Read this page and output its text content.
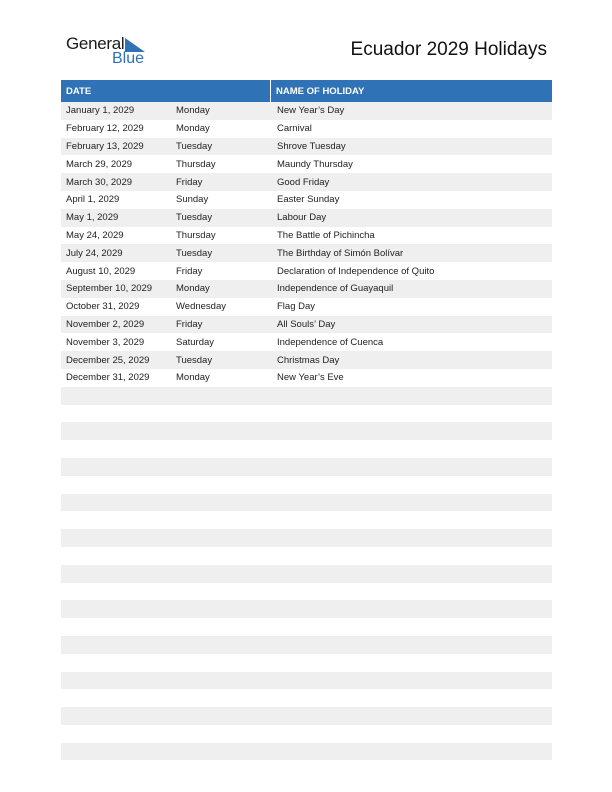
General
Blue	Ecuador 2029 Holidays
DATE	NAME OF HOLIDAY
January 1, 2029	Monday	New Year’s Day
February 12, 2029	Monday	Carnival
February 13, 2029	Tuesday	Shrove Tuesday
March 29, 2029	Thursday	Maundy Thursday
March 30, 2029	Friday	Good Friday
April 1, 2029	Sunday	Easter Sunday
May 1, 2029	Tuesday	Labour Day
May 24, 2029	Thursday	The Battle of Pichincha
July 24, 2029	Tuesday	The Birthday of Simón Bolívar
August 10, 2029	Friday	Declaration of Independence of Quito
September 10, 2029	Monday	Independence of Guayaquil
October 31, 2029	Wednesday	Flag Day
November 2, 2029	Friday	All Souls’ Day
November 3, 2029	Saturday	Independence of Cuenca
December 25, 2029	Tuesday	Christmas Day
December 31, 2029	Monday	New Year’s Eve
